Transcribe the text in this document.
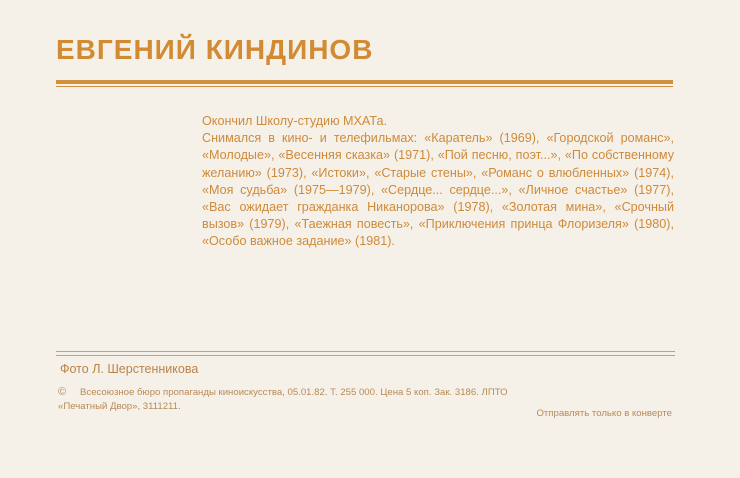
ЕВГЕНИЙ КИНДИНОВ

Окончил Школу-студию МХАТа.

Снимался в кино- и телефильмах: «Каратель» (1969), «Городской романс», «Молодые», «Весенняя сказка» (1971), «Пой песню, поэт...», «По собственному желанию» (1973), «Истоки», «Старые стены», «Романс о влюбленных» (1974), «Моя судьба» (1975—1979), «Сердце... сердце...», «Личное счастье» (1977), «Вас ожидает гражданка Никанорова» (1978), «Золотая мина», «Срочный вызов» (1979), «Таежная повесть», «Приключения принца Флоризеля» (1980), «Особо важное задание» (1981).

Фото Л. Шерстенникова
© Всесоюзное бюро пропаганды киноискусства, 05.01.82. Т. 255 000. Цена 5 коп. Зак. 3186. ЛПТО
«Печатный Двор», 3111211.
Отправлять только в конверте
